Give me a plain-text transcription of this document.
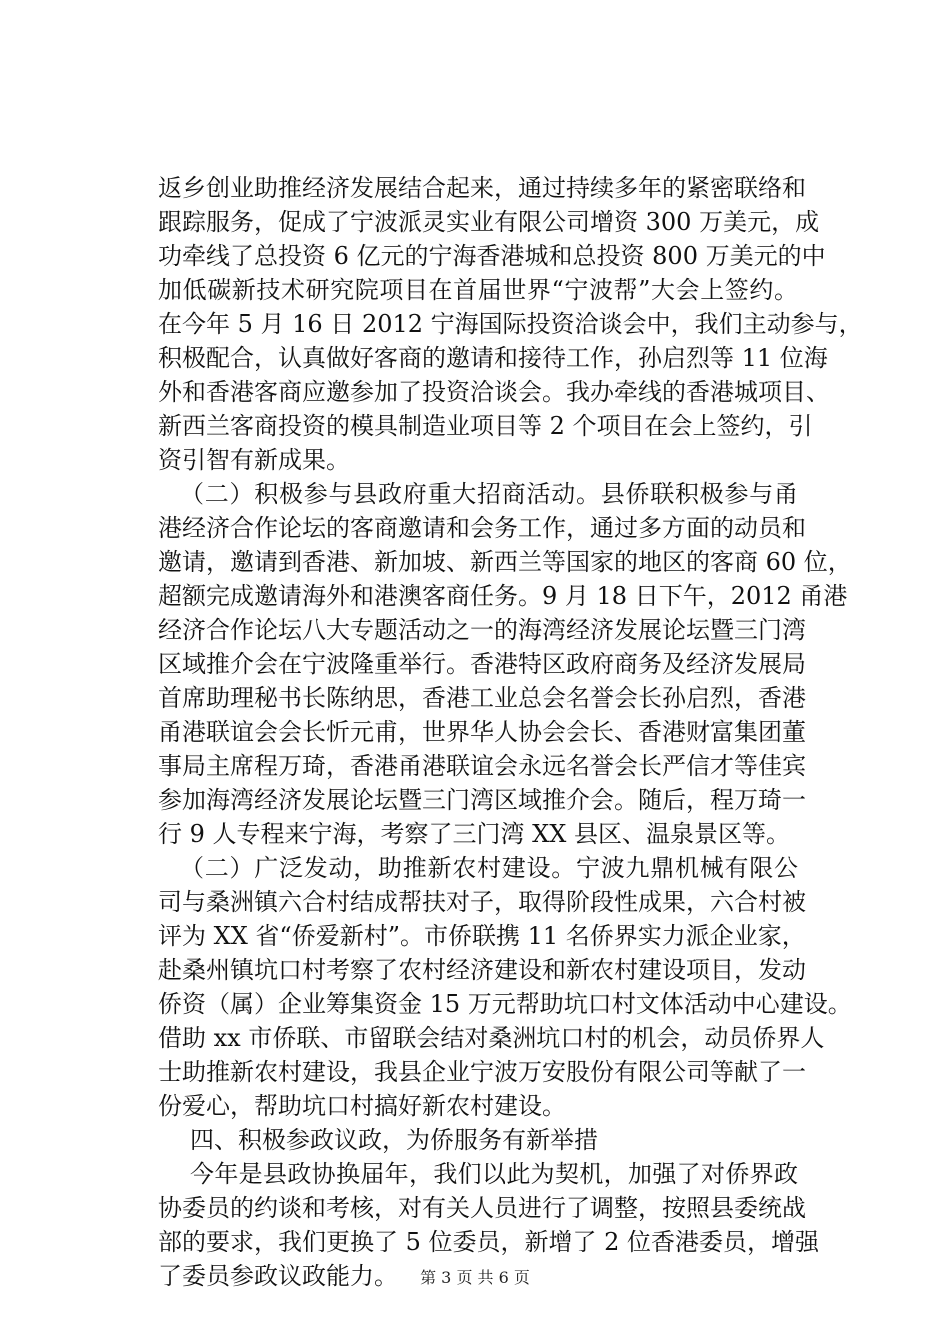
返乡创业助推经济发展结合起来，通过持续多年的紧密联络和
跟踪服务，促成了宁波派灵实业有限公司增资 300 万美元，成
功牵线了总投资 6 亿元的宁海香港城和总投资 800 万美元的中
加低碳新技术研究院项目在首届世界“宁波帮”大会上签约。
在今年 5 月 16 日 2012 宁海国际投资洽谈会中，我们主动参与，
积极配合，认真做好客商的邀请和接待工作，孙启烈等 11 位海
外和香港客商应邀参加了投资洽谈会。我办牵线的香港城项目、
新西兰客商投资的模具制造业项目等 2 个项目在会上签约，引
资引智有新成果。
（二）积极参与县政府重大招商活动。县侨联积极参与甬
港经济合作论坛的客商邀请和会务工作，通过多方面的动员和
邀请，邀请到香港、新加坡、新西兰等国家的地区的客商 60 位，
超额完成邀请海外和港澳客商任务。9 月 18 日下午，2012 甬港
经济合作论坛八大专题活动之一的海湾经济发展论坛暨三门湾
区域推介会在宁波隆重举行。香港特区政府商务及经济发展局
首席助理秘书长陈纳思，香港工业总会名誉会长孙启烈，香港
甬港联谊会会长忻元甫，世界华人协会会长、香港财富集团董
事局主席程万琦，香港甬港联谊会永远名誉会长严信才等佳宾
参加海湾经济发展论坛暨三门湾区域推介会。随后，程万琦一
行 9 人专程来宁海，考察了三门湾 XX 县区、温泉景区等。
（二）广泛发动，助推新农村建设。宁波九鼎机械有限公
司与桑洲镇六合村结成帮扶对子，取得阶段性成果，六合村被
评为 XX 省“侨爱新村”。市侨联携 11 名侨界实力派企业家，
赴桑州镇坑口村考察了农村经济建设和新农村建设项目，发动
侨资（属）企业筹集资金 15 万元帮助坑口村文体活动中心建设。
借助 xx 市侨联、市留联会结对桑洲坑口村的机会，动员侨界人
士助推新农村建设，我县企业宁波万安股份有限公司等献了一
份爱心，帮助坑口村搞好新农村建设。
四、积极参政议政，为侨服务有新举措
今年是县政协换届年，我们以此为契机，加强了对侨界政
协委员的约谈和考核，对有关人员进行了调整，按照县委统战
部的要求，我们更换了 5 位委员，新增了 2 位香港委员，增强
了委员参政议政能力。	第 3 页 共 6 页
